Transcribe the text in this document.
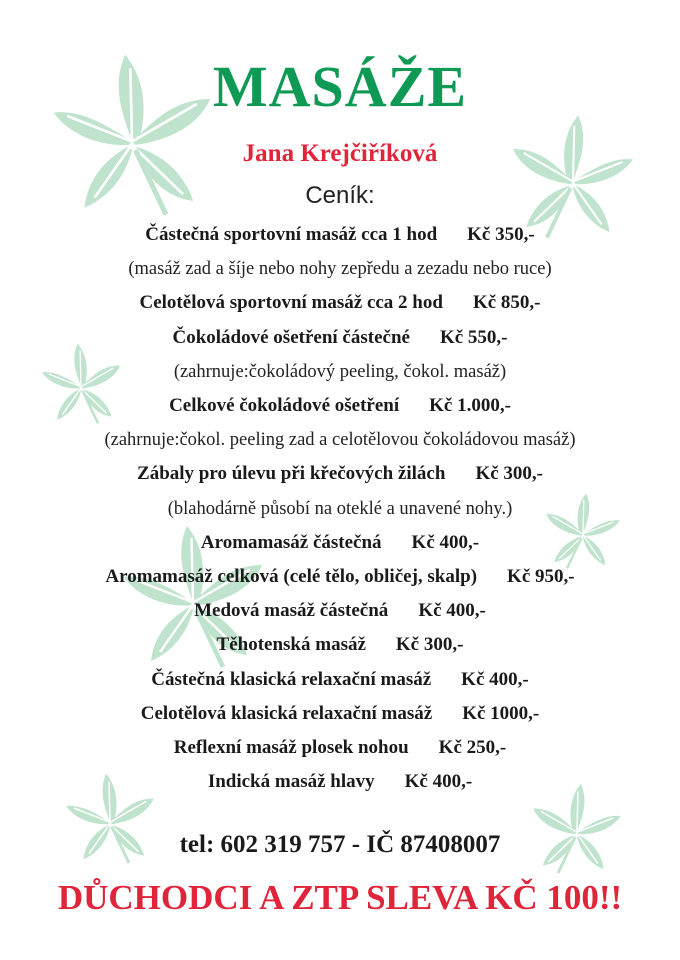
MASÁŽE
Jana Krejčiříková
Ceník:
Částečná sportovní masáž cca 1 hod Kč 350,-
(masáž zad a šíje nebo nohy zepředu a zezadu nebo ruce)
Celotělová sportovní masáž cca 2 hod Kč 850,-
Čokoládové ošetření částečné Kč 550,-
(zahrnuje:čokoládový peeling, čokol. masáž)
Celkové čokoládové ošetření Kč 1.000,-
(zahrnuje:čokol. peeling zad a celotělovou čokoládovou masáž)
Zábaly pro úlevu při křečových žilách Kč 300,-
(blahodárně působí na oteklé a unavené nohy.)
Aromamasáž částečná Kč 400,-
Aromamasáž celková (celé tělo, obličej, skalp) Kč 950,-
Medová masáž částečná Kč 400,-
Těhotenská masáž Kč 300,-
Částečná klasická relaxační masáž Kč 400,-
Celotělová klasická relaxační masáž Kč 1000,-
Reflexní masáž plosek nohou Kč 250,-
Indická masáž hlavy Kč 400,-
tel: 602 319 757 - IČ 87408007
DŮCHODCI A ZTP SLEVA KČ 100!!
